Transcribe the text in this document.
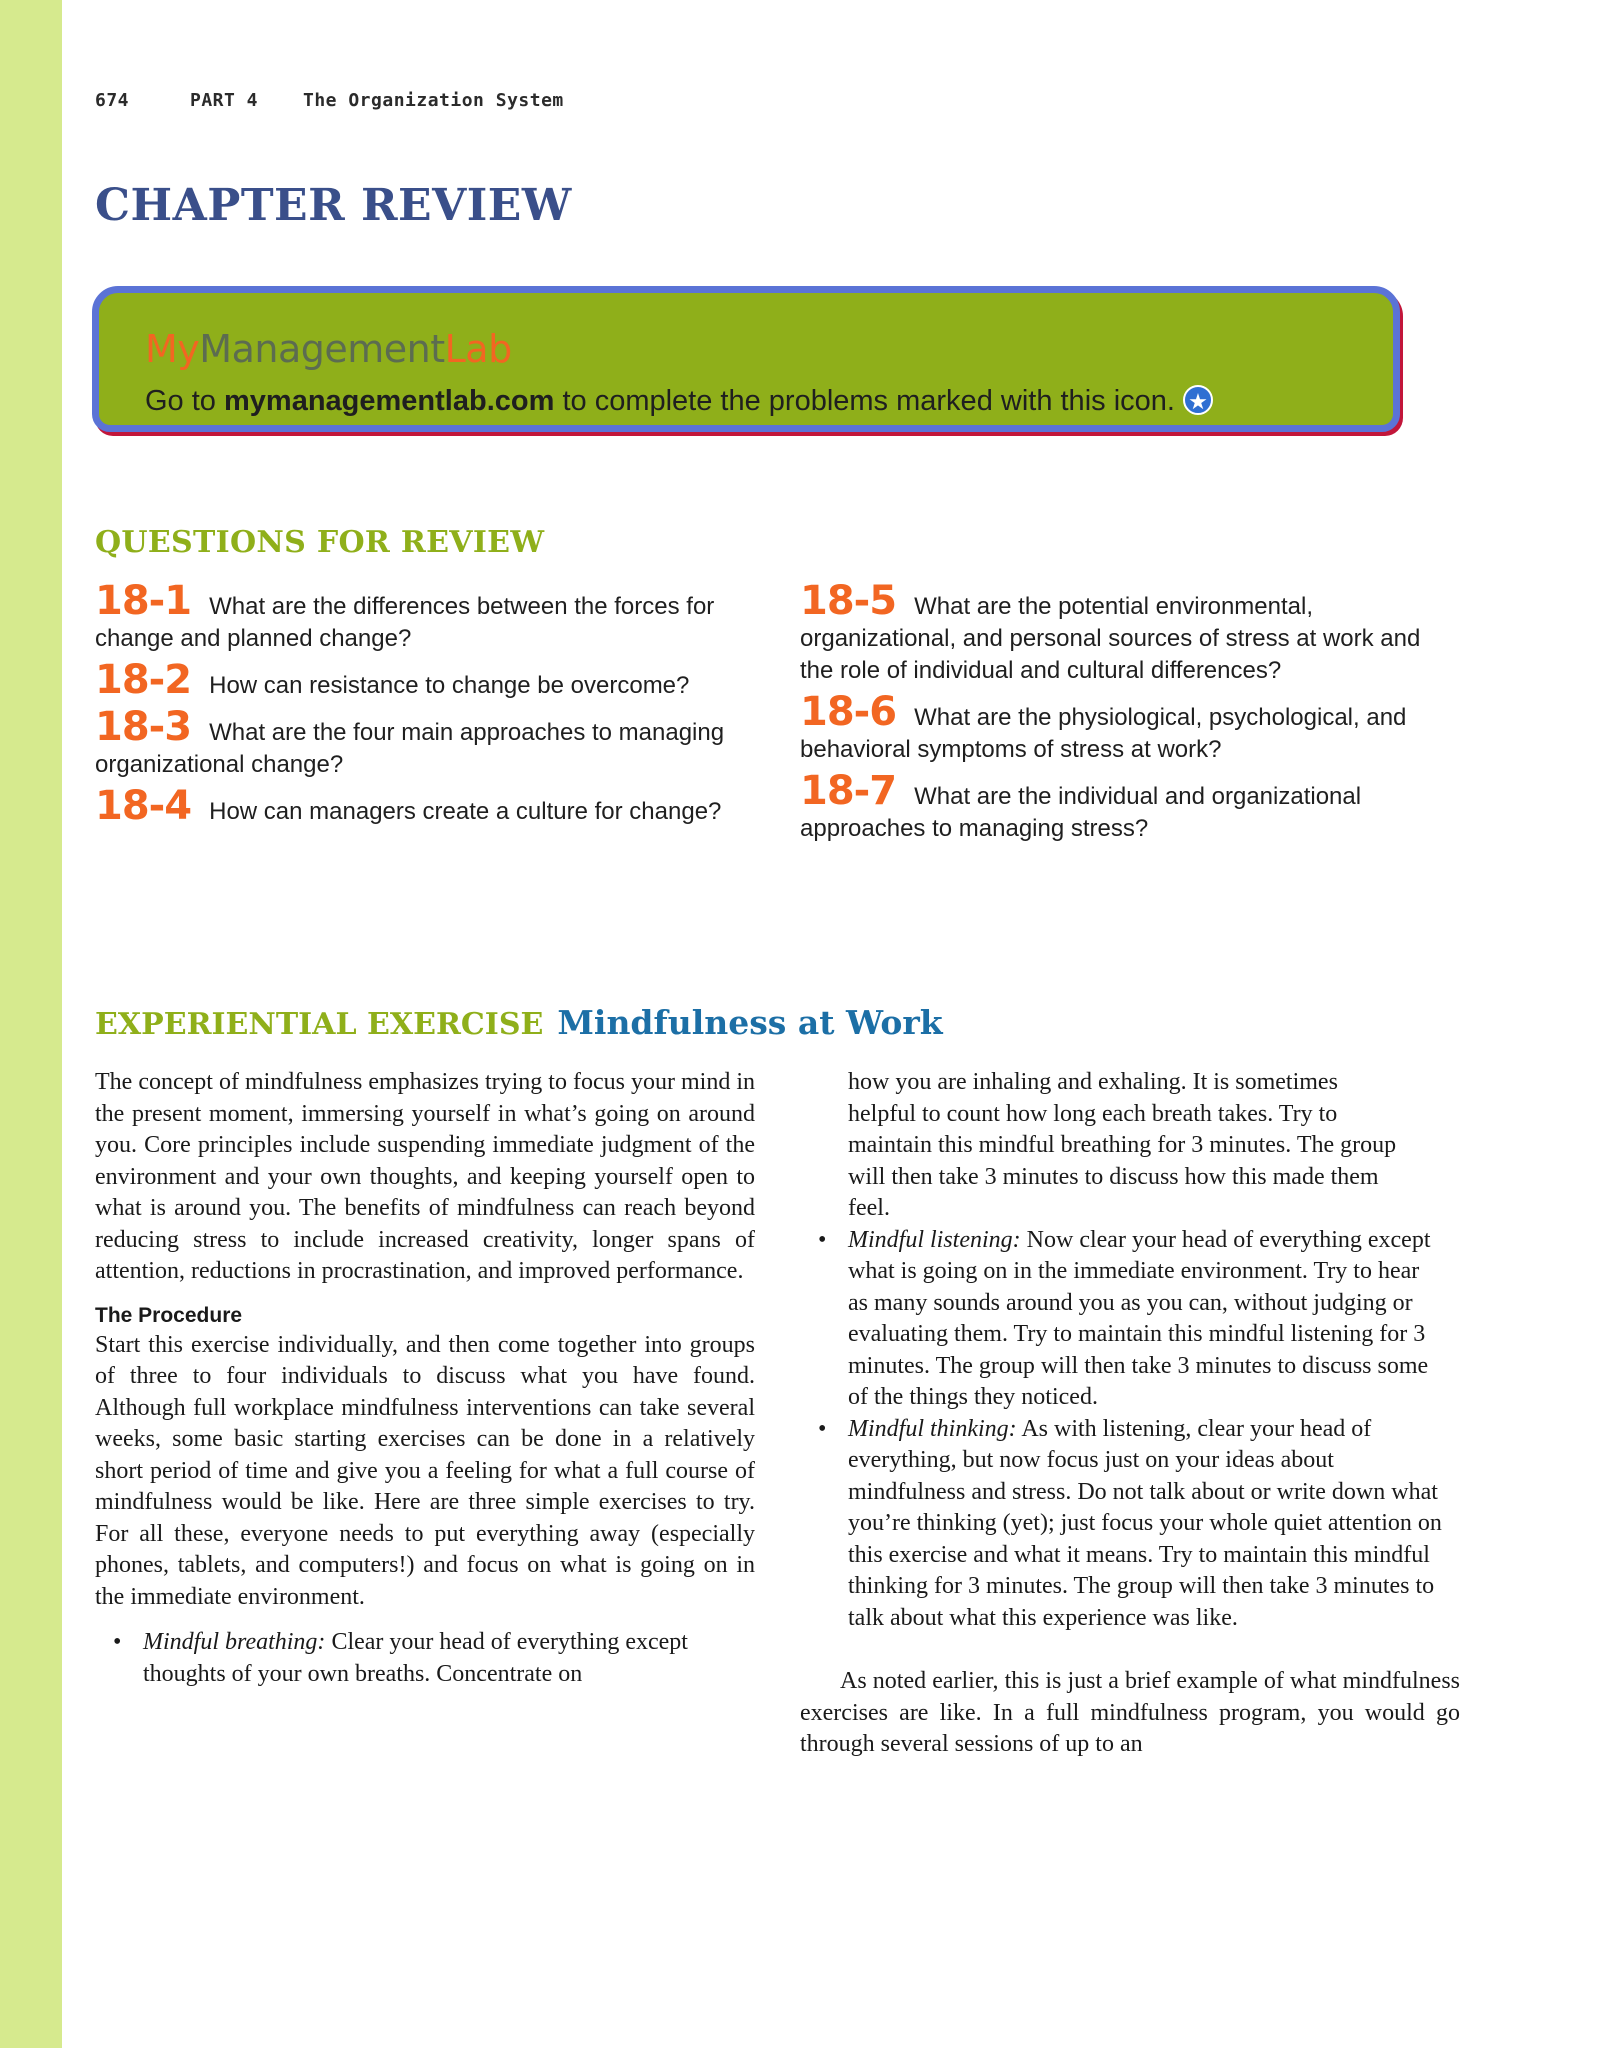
674	PART 4 The Organization System
CHAPTER REVIEW
MyManagementLab
Go to mymanagementlab.com to complete the problems marked with this icon. ★
QUESTIONS FOR REVIEW
18-1 What are the differences between the forces for change and planned change?
18-2 How can resistance to change be overcome?
18-3 What are the four main approaches to managing organizational change?
18-4 How can managers create a culture for change?
18-5 What are the potential environmental, organizational, and personal sources of stress at work and the role of individual and cultural differences?
18-6 What are the physiological, psychological, and behavioral symptoms of stress at work?
18-7 What are the individual and organizational approaches to managing stress?
EXPERIENTIAL EXERCISE Mindfulness at Work

The concept of mindfulness emphasizes trying to focus your mind in the present moment, immersing yourself in what’s going on around you. Core principles include suspending immediate judgment of the environment and your own thoughts, and keeping yourself open to what is around you. The benefits of mindfulness can reach beyond reducing stress to include increased creativity, longer spans of attention, reductions in procrastination, and improved performance.

The Procedure

Start this exercise individually, and then come together into groups of three to four individuals to discuss what you have found. Although full workplace mindfulness interventions can take several weeks, some basic starting exercises can be done in a relatively short period of time and give you a feeling for what a full course of mindfulness would be like. Here are three simple exercises to try. For all these, everyone needs to put everything away (especially phones, tablets, and computers!) and focus on what is going on in the immediate environment.

• Mindful breathing: Clear your head of everything except thoughts of your own breaths. Concentrate on
how you are inhaling and exhaling. It is sometimes helpful to count how long each breath takes. Try to maintain this mindful breathing for 3 minutes. The group will then take 3 minutes to discuss how this made them feel.
• Mindful listening: Now clear your head of everything except what is going on in the immediate environment. Try to hear as many sounds around you as you can, without judging or evaluating them. Try to maintain this mindful listening for 3 minutes. The group will then take 3 minutes to discuss some of the things they noticed.
• Mindful thinking: As with listening, clear your head of everything, but now focus just on your ideas about mindfulness and stress. Do not talk about or write down what you’re thinking (yet); just focus your whole quiet attention on this exercise and what it means. Try to maintain this mindful thinking for 3 minutes. The group will then take 3 minutes to talk about what this experience was like.

As noted earlier, this is just a brief example of what mindfulness exercises are like. In a full mindfulness program, you would go through several sessions of up to an
